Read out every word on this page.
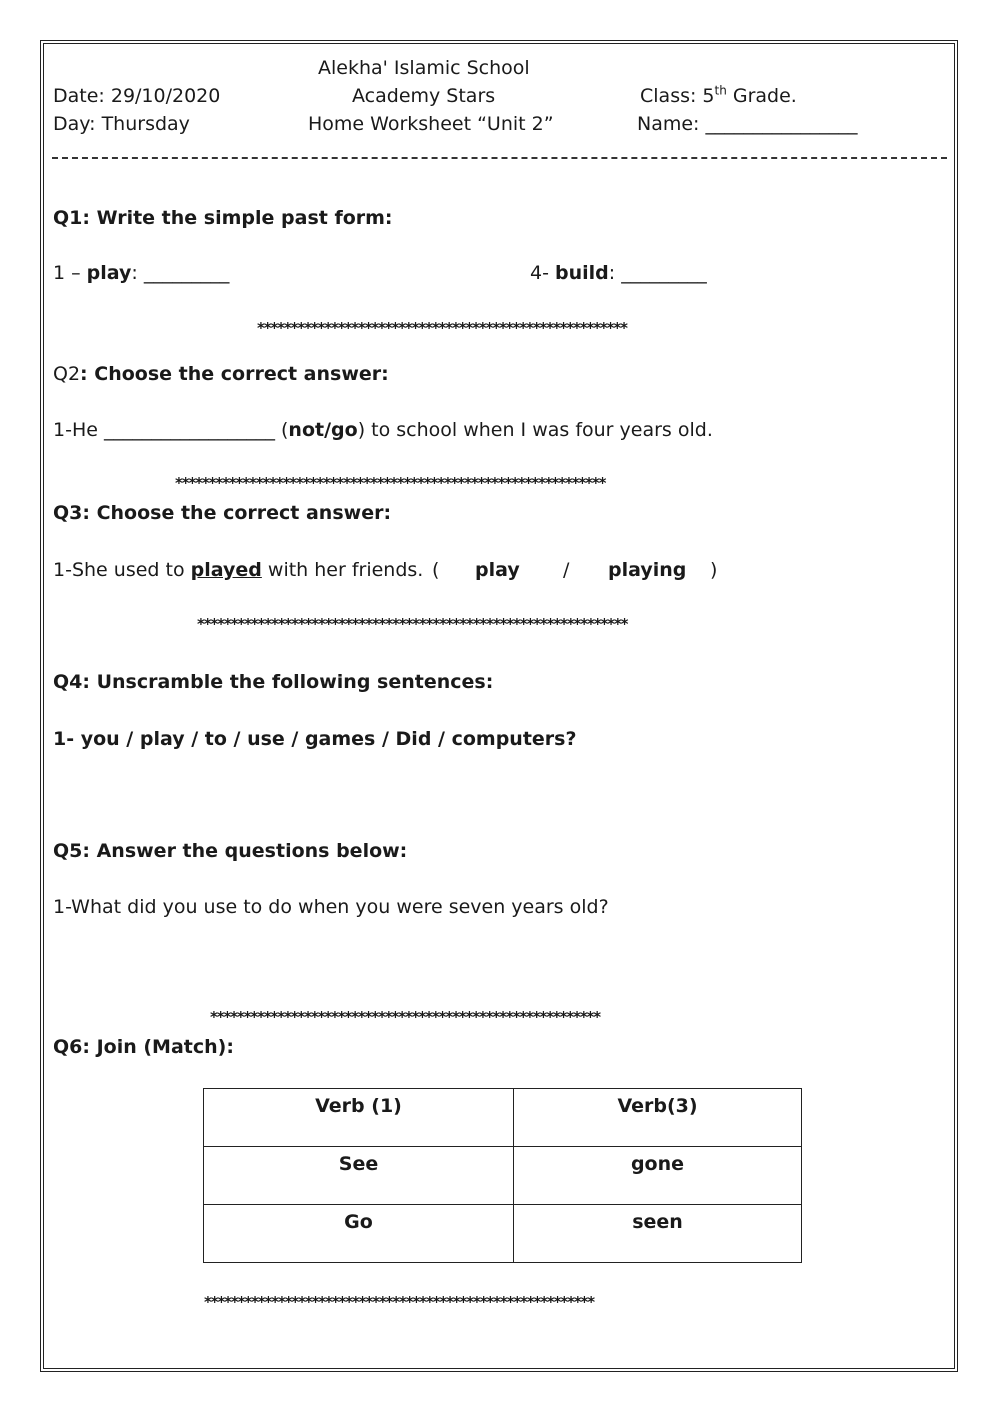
Alekha' Islamic School
Date: 29/10/2020	Academy Stars	Class: 5th Grade.
Day: Thursday	Home Worksheet “Unit 2”	Name: ________________
Q1: Write the simple past form:
1 – play: _________	4- build: _________
*******************************************************
Q2: Choose the correct answer:
1-He __________________ (not/go) to school when I was four years old.
****************************************************************
Q3: Choose the correct answer:
1-She used to played with her friends. ( play / playing )
****************************************************************
Q4: Unscramble the following sentences:
1- you / play / to / use / games / Did / computers?
Q5: Answer the questions below:
1-What did you use to do when you were seven years old?
**********************************************************
Q6: Join (Match):
Verb (1)	Verb(3)
See	gone
Go	seen
**********************************************************
